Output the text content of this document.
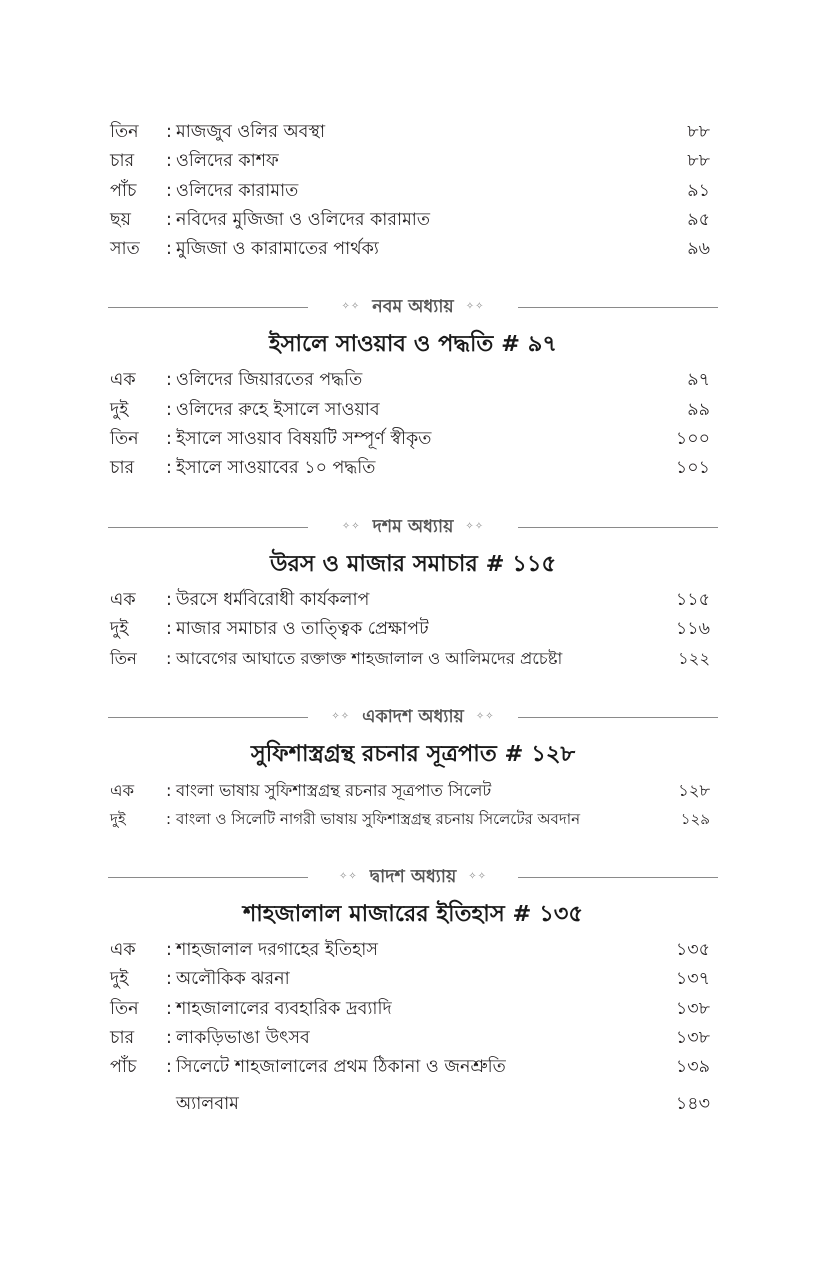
তিন : মাজজুব ওলির অবস্থা	৮৮
চার : ওলিদের কাশফ	৮৮
পাঁচ : ওলিদের কারামাত	৯১
ছয় : নবিদের মুজিজা ও ওলিদের কারামাত	৯৫
সাত : মুজিজা ও কারামাতের পার্থক্য	৯৬
✧✧ নবম অধ্যায় ✧✧
ইসালে সাওয়াব ও পদ্ধতি # ৯৭
এক : ওলিদের জিয়ারতের পদ্ধতি	৯৭
দুই : ওলিদের রুহে ইসালে সাওয়াব	৯৯
তিন : ইসালে সাওয়াব বিষয়টি সম্পূর্ণ স্বীকৃত	১০০
চার : ইসালে সাওয়াবের ১০ পদ্ধতি	১০১
✧✧ দশম অধ্যায় ✧✧
উরস ও মাজার সমাচার # ১১৫
এক : উরসে ধর্মবিরোধী কার্যকলাপ	১১৫
দুই : মাজার সমাচার ও তাত্ত্বিক প্রেক্ষাপট	১১৬
তিন : আবেগের আঘাতে রক্তাক্ত শাহজালাল ও আলিমদের প্রচেষ্টা	১২২
✧✧ একাদশ অধ্যায় ✧✧
সুফিশাস্ত্রগ্রন্থ রচনার সূত্রপাত # ১২৮
এক : বাংলা ভাষায় সুফিশাস্ত্রগ্রন্থ রচনার সূত্রপাত সিলেট	১২৮
দুই	: বাংলা ও সিলেটি নাগরী ভাষায় সুফিশাস্ত্রগ্রন্থ রচনায় সিলেটের অবদান	১২৯
✧✧ দ্বাদশ অধ্যায় ✧✧
শাহজালাল মাজারের ইতিহাস # ১৩৫
এক : শাহজালাল দরগাহের ইতিহাস	১৩৫
দুই : অলৌকিক ঝরনা	১৩৭
তিন : শাহজালালের ব্যবহারিক দ্রব্যাদি	১৩৮
চার : লাকড়িভাঙা উৎসব	১৩৮
পাঁচ : সিলেটে শাহজালালের প্রথম ঠিকানা ও জনশ্রুতি	১৩৯
অ্যালবাম	১৪৩
